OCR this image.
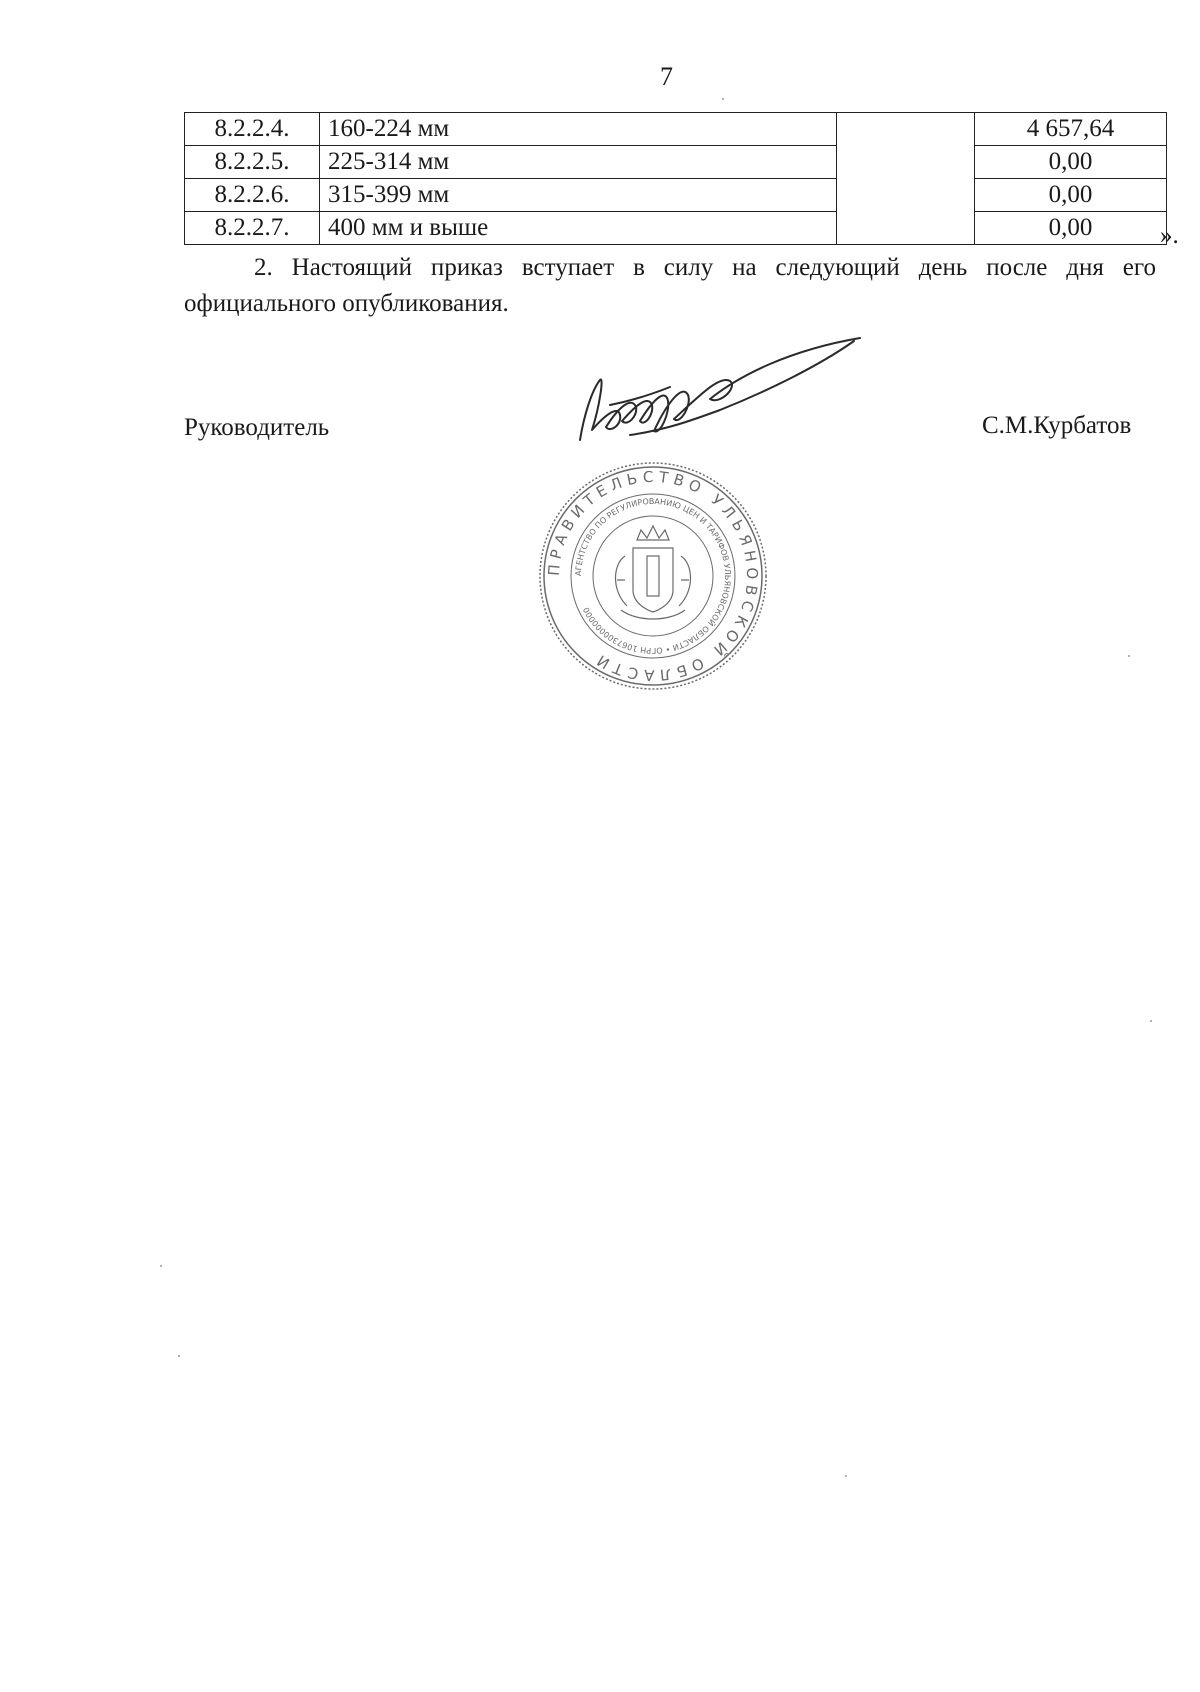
7
8.2.2.4.	160-224 мм		4 657,64
8.2.2.5.	225-314 мм		0,00
8.2.2.6.	315-399 мм		0,00
8.2.2.7.	400 мм и выше		0,00	».

2. Настоящий приказ вступает в силу на следующий день после дня его официального опубликования.

Руководитель	С.М.Курбатов
ПРАВИТЕЛЬСТВО УЛЬЯНОВСКОЙ ОБЛАСТИ
АГЕНТСТВО ПО РЕГУЛИРОВАНИЮ ЦЕН И ТАРИФОВ УЛЬЯНОВСКОЙ ОБЛАСТИ • ОГРН 1067300000000
